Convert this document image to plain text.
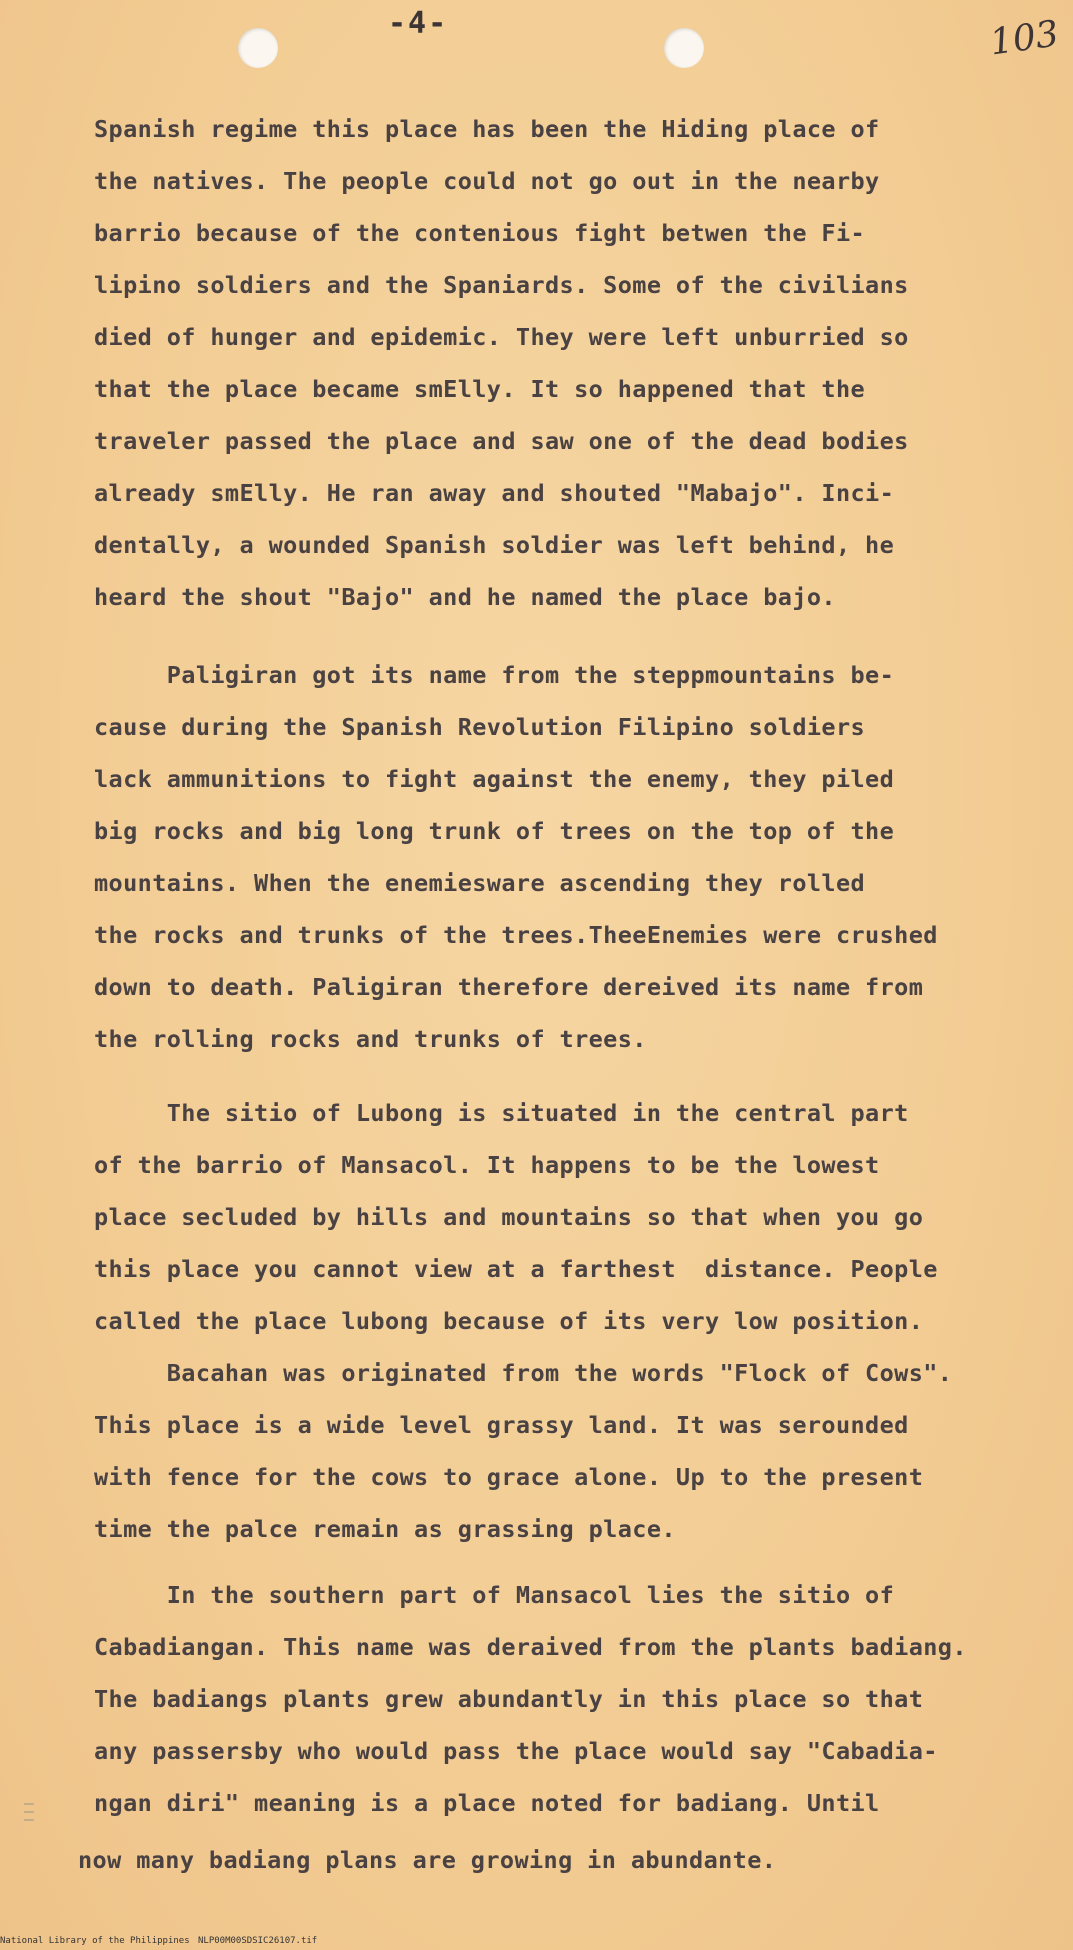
-4-	103
Spanish regime this place has been the Hiding place of
the natives. The people could not go out in the nearby
barrio because of the contenious fight betwen the Fi-
lipino soldiers and the Spaniards. Some of the civilians
died of hunger and epidemic. They were left unburried so
that the place became smElly. It so happened that the
traveler passed the place and saw one of the dead bodies
already smElly. He ran away and shouted "Mabajo". Inci-
dentally, a wounded Spanish soldier was left behind, he
heard the shout "Bajo" and he named the place bajo.
Paligiran got its name from the steppmountains be-
cause during the Spanish Revolution Filipino soldiers
lack ammunitions to fight against the enemy, they piled
big rocks and big long trunk of trees on the top of the
mountains. When the enemiesware ascending they rolled
the rocks and trunks of the trees.TheeEnemies were crushed
down to death. Paligiran therefore dereived its name from
the rolling rocks and trunks of trees.
The sitio of Lubong is situated in the central part
of the barrio of Mansacol. It happens to be the lowest
place secluded by hills and mountains so that when you go
this place you cannot view at a farthest  distance. People
called the place lubong because of its very low position.
Bacahan was originated from the words "Flock of Cows".
This place is a wide level grassy land. It was serounded
with fence for the cows to grace alone. Up to the present
time the palce remain as grassing place.
In the southern part of Mansacol lies the sitio of
Cabadiangan. This name was deraived from the plants badiang.
The badiangs plants grew abundantly in this place so that
any passersby who would pass the place would say "Cabadia-
ngan diri" meaning is a place noted for badiang. Until
now many badiang plans are growing in abundante.
National Library of the Philippines NLP00M00SDSIC26107.tif
